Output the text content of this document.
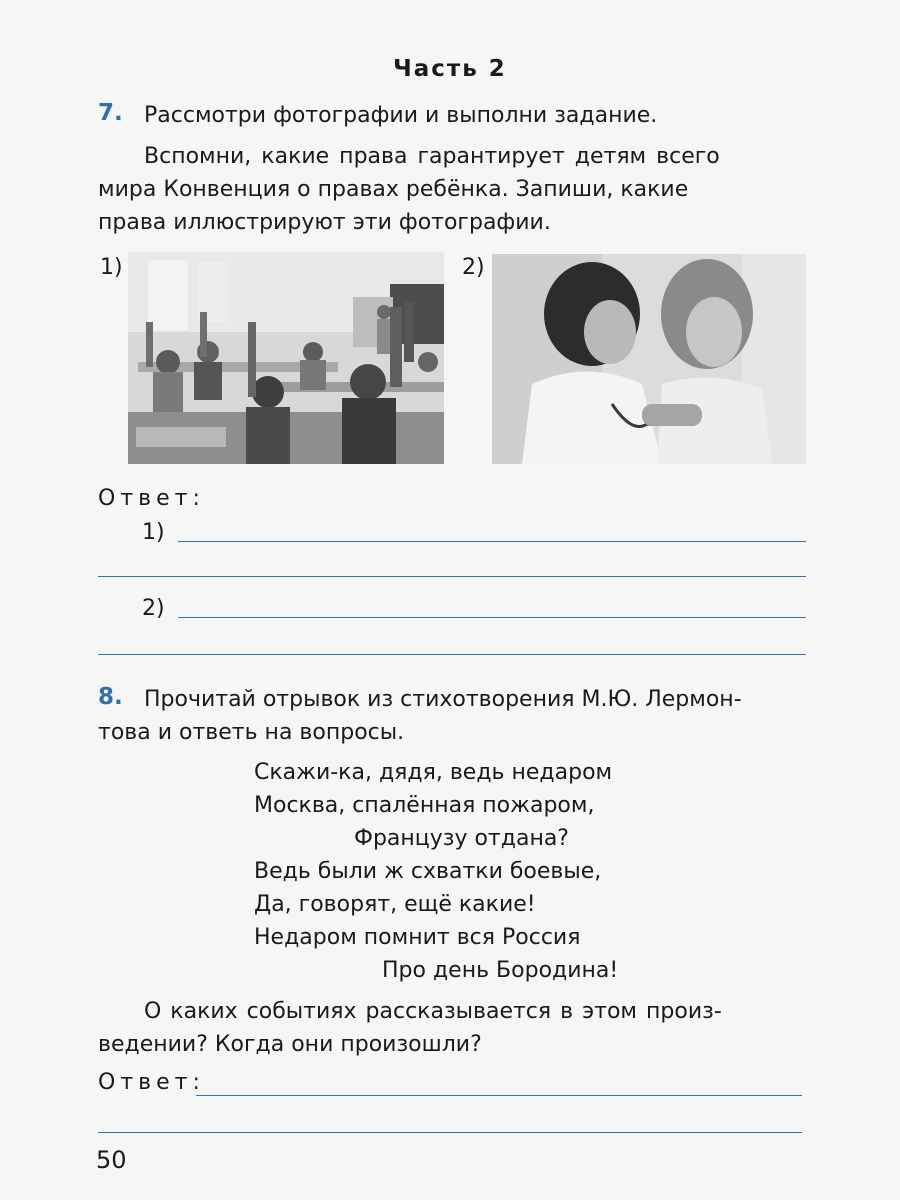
Часть 2
7. Рассмотри фотографии и выполни задание.
Вспомни, какие права гарантирует детям всего
мира Конвенция о правах ребёнка. Запиши, какие
права иллюстрируют эти фотографии.
1)	2)
Ответ:
1)
2)
8. Прочитай отрывок из стихотворения М.Ю. Лермон-
това и ответь на вопросы.
Скажи-ка, дядя, ведь недаром
Москва, спалённая пожаром,
Французу отдана?
Ведь были ж схватки боевые,
Да, говорят, ещё какие!
Недаром помнит вся Россия
Про день Бородина!
О каких событиях рассказывается в этом произ-
ведении? Когда они произошли?
Ответ:
50
